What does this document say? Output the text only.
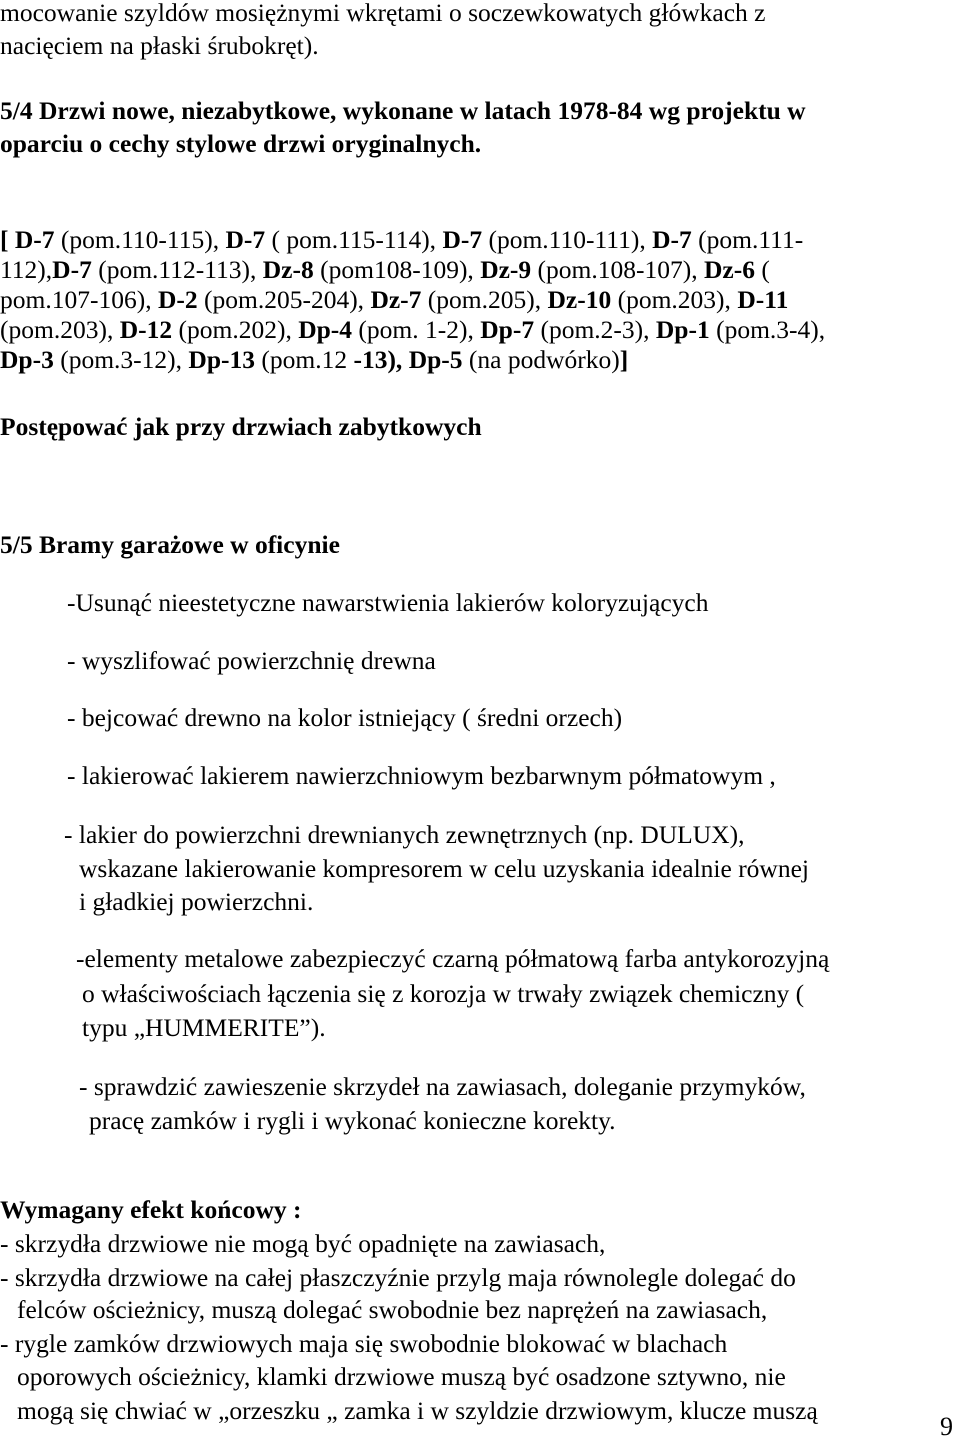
mocowanie szyldów mosiężnymi wkrętami o soczewkowatych główkach z
nacięciem na płaski śrubokręt).
5/4 Drzwi nowe, niezabytkowe, wykonane w latach 1978-84 wg projektu w
oparciu o cechy stylowe drzwi oryginalnych.
[ D-7 (pom.110-115), D-7 ( pom.115-114), D-7 (pom.110-111), D-7 (pom.111-
112),D-7 (pom.112-113), Dz-8 (pom108-109), Dz-9 (pom.108-107), Dz-6 (
pom.107-106), D-2 (pom.205-204), Dz-7 (pom.205), Dz-10 (pom.203), D-11
(pom.203), D-12 (pom.202), Dp-4 (pom. 1-2), Dp-7 (pom.2-3), Dp-1 (pom.3-4),
Dp-3 (pom.3-12), Dp-13 (pom.12 -13), Dp-5 (na podwórko)]
Postępować jak przy drzwiach zabytkowych
5/5 Bramy garażowe w oficynie
-Usunąć nieestetyczne nawarstwienia lakierów koloryzujących
- wyszlifować powierzchnię drewna
- bejcować drewno na kolor istniejący ( średni orzech)
- lakierować lakierem nawierzchniowym bezbarwnym półmatowym ,
- lakier do powierzchni drewnianych zewnętrznych (np. DULUX),
wskazane lakierowanie kompresorem w celu uzyskania idealnie równej
i gładkiej powierzchni.
-elementy metalowe zabezpieczyć czarną półmatową farba antykorozyjną
o właściwościach łączenia się z korozja w trwały związek chemiczny (
typu „HUMMERITE”).
- sprawdzić zawieszenie skrzydeł na zawiasach, doleganie przymyków,
pracę zamków i rygli i wykonać konieczne korekty.
Wymagany efekt końcowy :
- skrzydła drzwiowe nie mogą być opadnięte na zawiasach,
- skrzydła drzwiowe na całej płaszczyźnie przylg maja równolegle dolegać do
felców ościeżnicy, muszą dolegać swobodnie bez naprężeń na zawiasach,
- rygle zamków drzwiowych maja się swobodnie blokować w blachach
oporowych ościeżnicy, klamki drzwiowe muszą być osadzone sztywno, nie
mogą się chwiać w „orzeszku „ zamka i w szyldzie drzwiowym, klucze muszą
9
